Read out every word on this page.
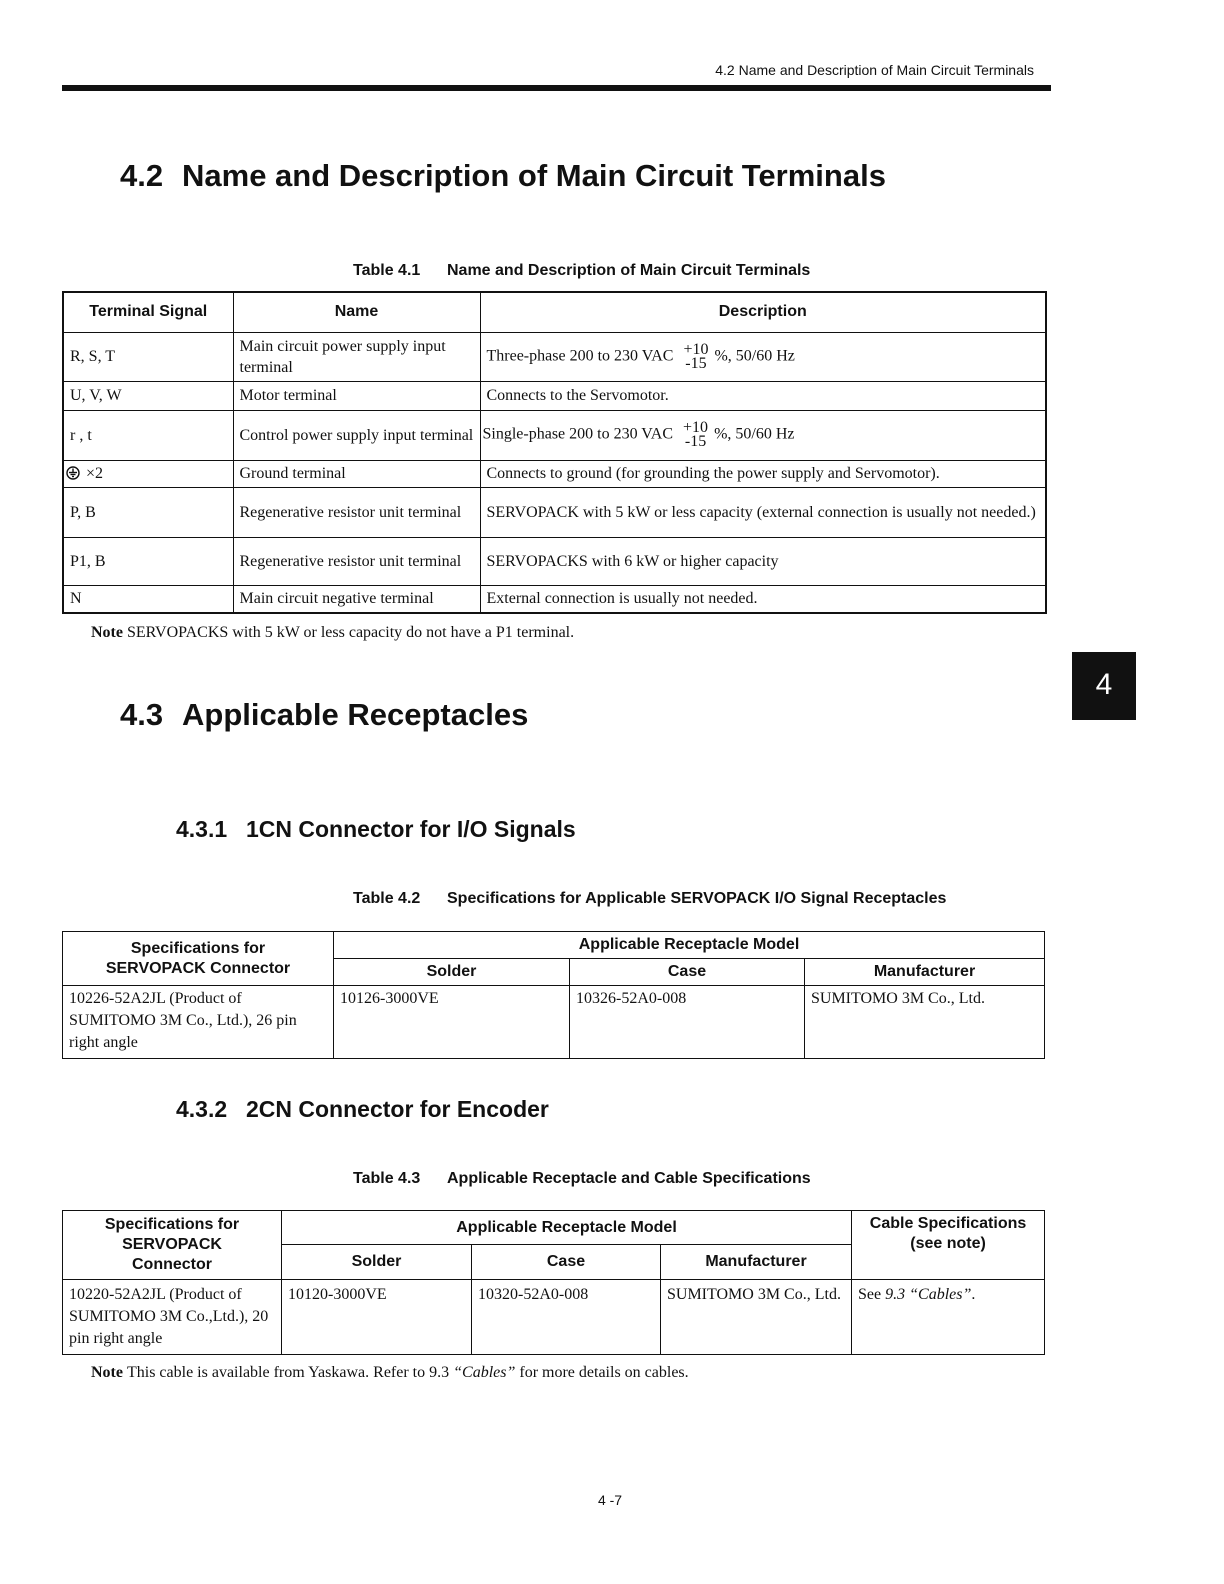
4.2 Name and Description of Main Circuit Terminals
4.2 Name and Description of Main Circuit Terminals
Table 4.1 Name and Description of Main Circuit Terminals
Terminal Signal	Name	Description
R, S, T	Main circuit power supply input terminal	Three-phase 200 to 230 VAC +10
-15 %, 50/60 Hz
U, V, W	Motor terminal	Connects to the Servomotor.
r , t	Control power supply input terminal	Single-phase 200 to 230 VAC +10
-15 %, 50/60 Hz
×2	Ground terminal	Connects to ground (for grounding the power supply and Servomotor).
P, B	Regenerative resistor unit terminal	SERVOPACK with 5 kW or less capacity (external connection is usually not needed.)
P1, B	Regenerative resistor unit terminal	SERVOPACKS with 6 kW or higher capacity
N	Main circuit negative terminal	External connection is usually not needed.
Note SERVOPACKS with 5 kW or less capacity do not have a P1 terminal.
4.3 Applicable Receptacles
4
4.3.1 1CN Connector for I/O Signals
Table 4.2 Specifications for Applicable SERVOPACK I/O Signal Receptacles
Specifications for SERVOPACK Connector	Applicable Receptacle Model		
	Solder	Case	Manufacturer
10226-52A2JL (Product of SUMITOMO 3M Co., Ltd.), 26 pin right angle	10126-3000VE	10326-52A0-008	SUMITOMO 3M Co., Ltd.
4.3.2 2CN Connector for Encoder
Table 4.3 Applicable Receptacle and Cable Specifications
Specifications for SERVOPACK Connector	Applicable Receptacle Model			Cable Specifications (see note)
	Solder	Case	Manufacturer	
10220-52A2JL (Product of SUMITOMO 3M Co.,Ltd.), 20 pin right angle	10120-3000VE	10320-52A0-008	SUMITOMO 3M Co., Ltd.	See 9.3 “Cables”.
Note This cable is available from Yaskawa. Refer to 9.3 “Cables” for more details on cables.
4 -7
